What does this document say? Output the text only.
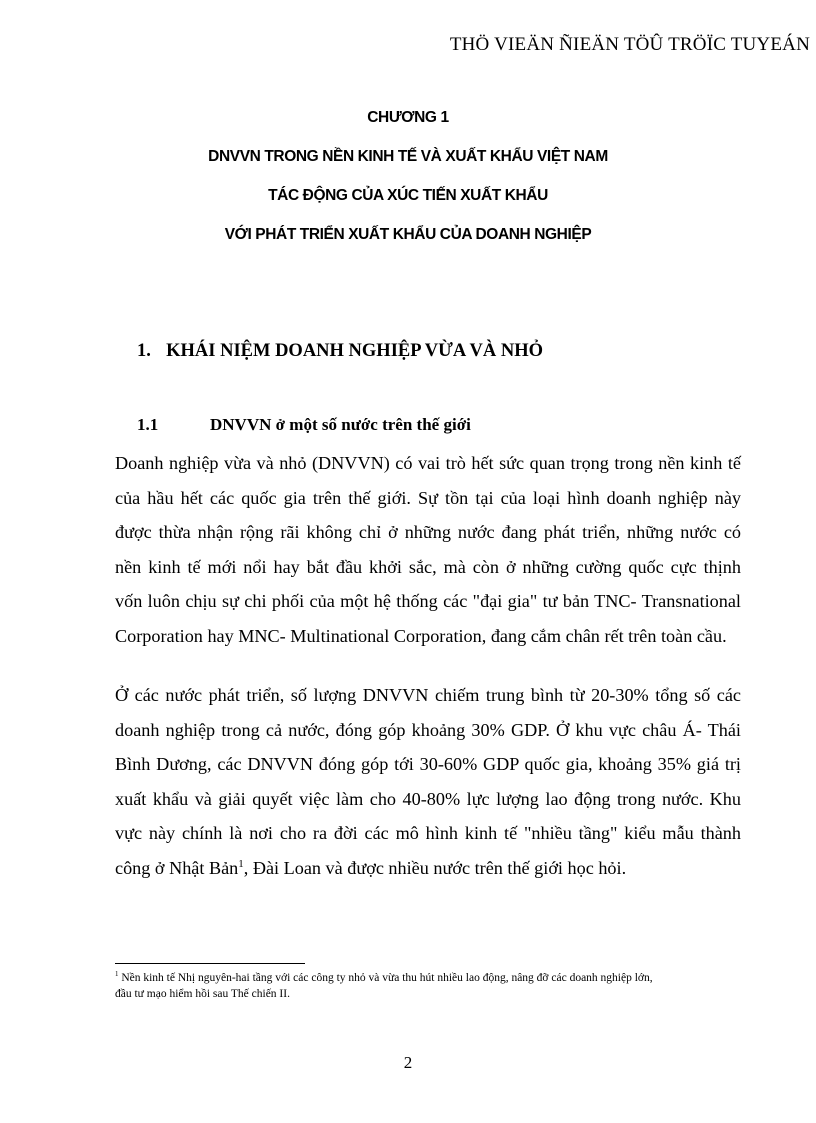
THÖ VIEÄN ÑIEÄN TÖÛ TRÖÏC TUYEÁN
CHƯƠNG 1
DNVVN TRONG NỀN KINH TẾ VÀ XUẤT KHẨU VIỆT NAM
TÁC ĐỘNG CỦA XÚC TIẾN XUẤT KHẨU
VỚI PHÁT TRIỂN XUẤT KHẨU CỦA DOANH NGHIỆP
1. KHÁI NIỆM DOANH NGHIỆP VỪA VÀ NHỎ
1.1	DNVVN ở một số nước trên thế giới
Doanh nghiệp vừa và nhỏ (DNVVN) có vai trò hết sức quan trọng trong nền kinh tế
của hầu hết các quốc gia trên thế giới. Sự tồn tại của loại hình doanh nghiệp này
được thừa nhận rộng rãi không chỉ ở những nước đang phát triển, những nước có
nền kinh tế mới nổi hay bắt đầu khởi sắc, mà còn ở những cường quốc cực thịnh
vốn luôn chịu sự chi phối của một hệ thống các "đại gia" tư bản TNC- Transnational
Corporation hay MNC- Multinational Corporation, đang cắm chân rết trên toàn cầu.
Ở các nước phát triển, số lượng DNVVN chiếm trung bình từ 20-30% tổng số các
doanh nghiệp trong cả nước, đóng góp khoảng 30% GDP. Ở khu vực châu Á- Thái
Bình Dương, các DNVVN đóng góp tới 30-60% GDP quốc gia, khoảng 35% giá trị
xuất khẩu và giải quyết việc làm cho 40-80% lực lượng lao động trong nước. Khu
vực này chính là nơi cho ra đời các mô hình kinh tế "nhiều tầng" kiểu mẫu thành
công ở Nhật Bản$^1$, Đài Loan và được nhiều nước trên thế giới học hỏi.
$^1$ Nền kinh tế Nhị nguyên-hai tầng với các công ty nhỏ và vừa thu hút nhiều lao động, nâng đỡ các doanh nghiệp lớn,
đầu tư mạo hiểm hồi sau Thế chiến II.
2
